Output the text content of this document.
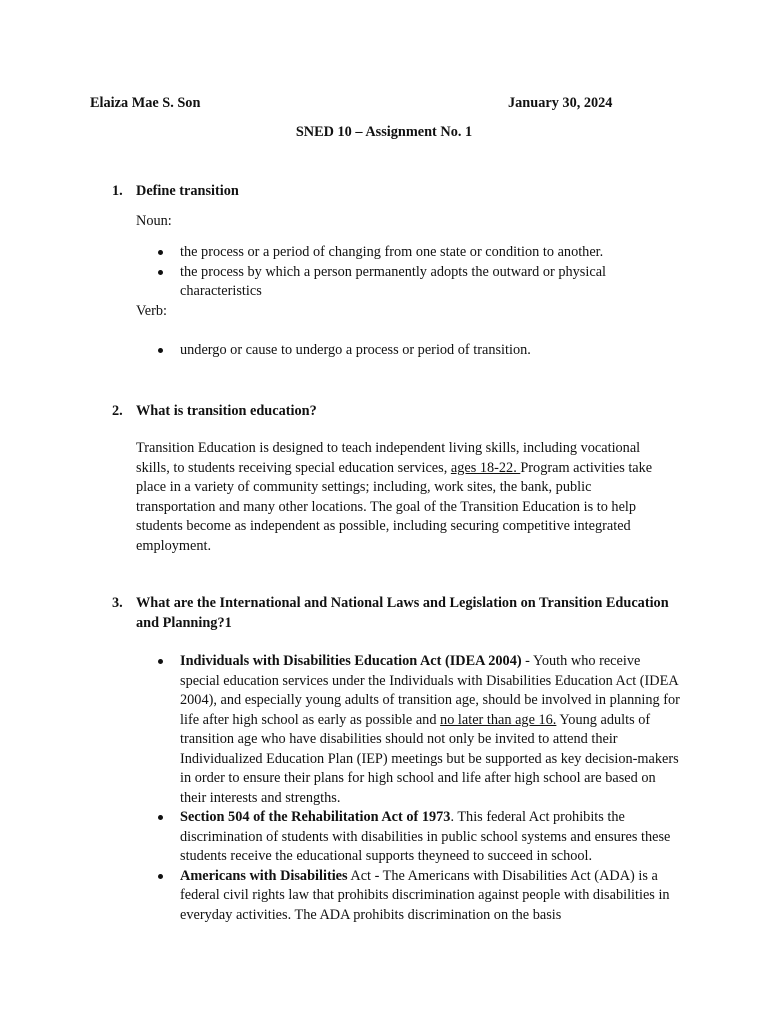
Elaiza Mae S. Son	January 30, 2024
SNED 10 – Assignment No. 1
1. Define transition
Noun:
the process or a period of changing from one state or condition to another.
the process by which a person permanently adopts the outward or physical characteristics
Verb:
undergo or cause to undergo a process or period of transition.
2. What is transition education?
Transition Education is designed to teach independent living skills, including vocational skills, to students receiving special education services, ages 18-22. Program activities take place in a variety of community settings; including, work sites, the bank, public transportation and many other locations. The goal of the Transition Education is to help students become as independent as possible, including securing competitive integrated employment.
3. What are the International and National Laws and Legislation on Transition Education and Planning?1
Individuals with Disabilities Education Act (IDEA 2004) - Youth who receive special education services under the Individuals with Disabilities Education Act (IDEA 2004), and especially young adults of transition age, should be involved in planning for life after high school as early as possible and no later than age 16. Young adults of transition age who have disabilities should not only be invited to attend their Individualized Education Plan (IEP) meetings but be supported as key decision-makers in order to ensure their plans for high school and life after high school are based on their interests and strengths.
Section 504 of the Rehabilitation Act of 1973. This federal Act prohibits the discrimination of students with disabilities in public school systems and ensures these students receive the educational supports theyneed to succeed in school.
Americans with Disabilities Act - The Americans with Disabilities Act (ADA) is a federal civil rights law that prohibits discrimination against people with disabilities in everyday activities. The ADA prohibits discrimination on the basis
